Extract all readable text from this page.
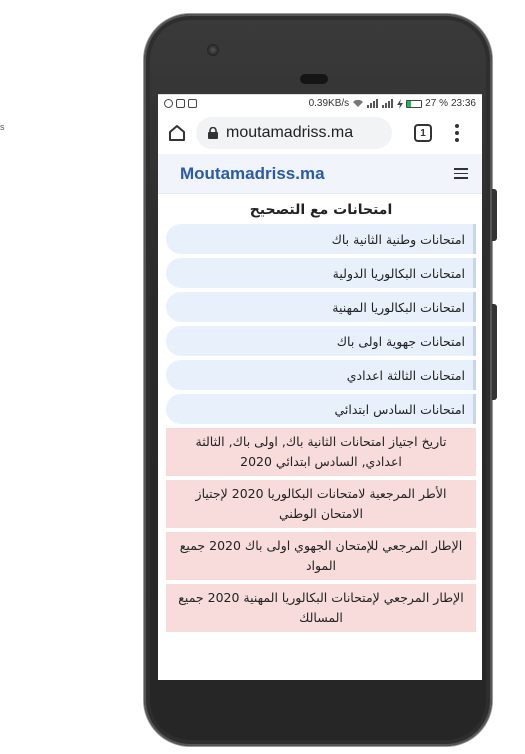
s
0.39KB/s	27 % 23:36
moutamadriss.ma	1
Moutamadriss.ma
امتحانات مع التصحيح
امتحانات وطنية الثانية باك
امتحانات البكالوريا الدولية
امتحانات البكالوريا المهنية
امتحانات جهوية اولى باك
امتحانات الثالثة اعدادي
امتحانات السادس ابتدائي
تاريخ اجتياز امتحانات الثانية باك, اولى باك, الثالثة اعدادي, السادس ابتدائي 2020
الأطر المرجعية لامتحانات البكالوريا 2020 لإجتياز الامتحان الوطني
الإطار المرجعي للإمتحان الجهوي اولى باك 2020 جميع المواد
الإطار المرجعي لإمتحانات البكالوريا المهنية 2020 جميع المسالك
